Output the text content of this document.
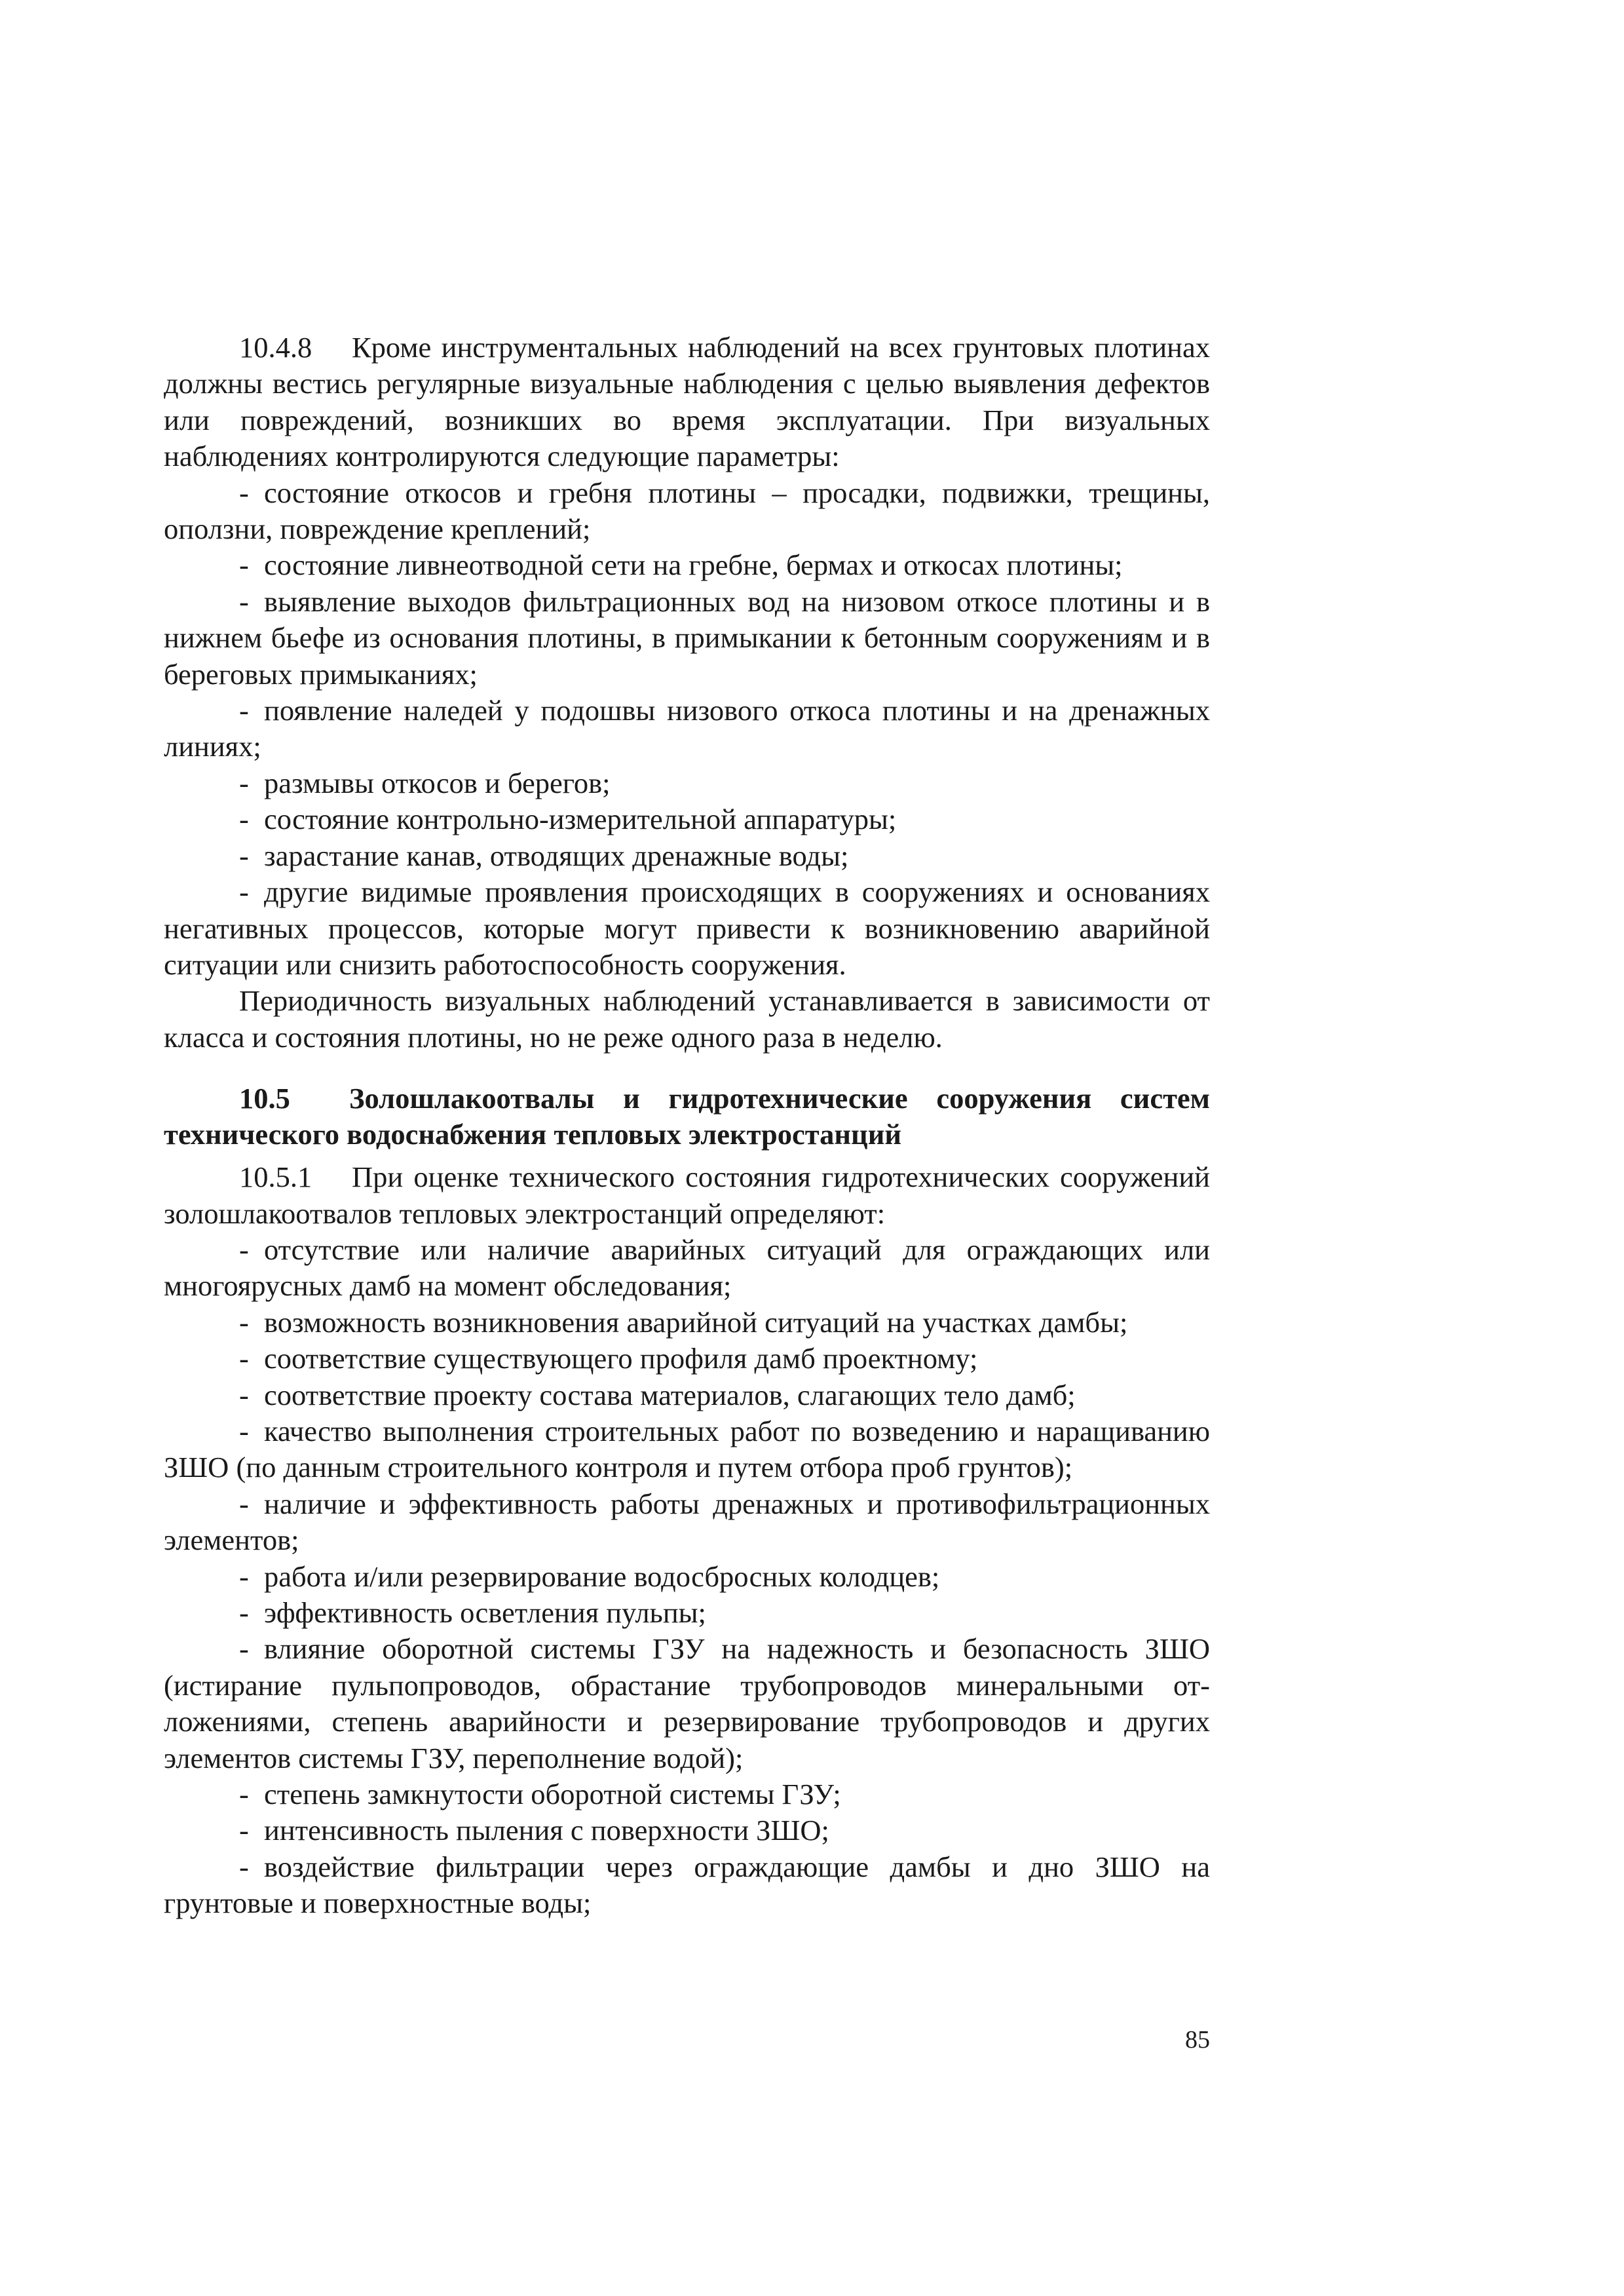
10.4.8 Кроме инструментальных наблюдений на всех грунтовых плотинах должны вестись регулярные визуальные наблюдения с целью выявления дефектов или повреждений, возникших во время эксплуатации. При визуальных наблюдениях контролируются следующие параметры:

- состояние откосов и гребня плотины – просадки, подвижки, трещины, оползни, повреждение креплений;

- состояние ливнеотводной сети на гребне, бермах и откосах плотины;

- выявление выходов фильтрационных вод на низовом откосе плотины и в нижнем бьефе из основания плотины, в примыкании к бетонным сооружениям и в береговых примыканиях;

- появление наледей у подошвы низового откоса плотины и на дренажных линиях;

- размывы откосов и берегов;

- состояние контрольно-измерительной аппаратуры;

- зарастание канав, отводящих дренажные воды;

- другие видимые проявления происходящих в сооружениях и основаниях негативных процессов, которые могут привести к возникновению аварийной ситуации или снизить работоспособность сооружения.

Периодичность визуальных наблюдений устанавливается в зависимости от класса и состояния плотины, но не реже одного раза в неделю.

10.5 Золошлакоотвалы и гидротехнические сооружения систем технического водоснабжения тепловых электростанций

10.5.1 При оценке технического состояния гидротехнических сооружений золошлакоотвалов тепловых электростанций определяют:

- отсутствие или наличие аварийных ситуаций для ограждающих или многоярусных дамб на момент обследования;

- возможность возникновения аварийной ситуаций на участках дамбы;

- соответствие существующего профиля дамб проектному;

- соответствие проекту состава материалов, слагающих тело дамб;

- качество выполнения строительных работ по возведению и наращиванию ЗШО (по данным строительного контроля и путем отбора проб грунтов);

- наличие и эффективность работы дренажных и противофильтрационных элементов;

- работа и/или резервирование водосбросных колодцев;

- эффективность осветления пульпы;

- влияние оборотной системы ГЗУ на надежность и безопасность ЗШО (истирание пульпопроводов, обрастание трубопроводов минеральными отложениями, степень аварийности и резервирование трубопроводов и других элементов системы ГЗУ, переполнение водой);

- степень замкнутости оборотной системы ГЗУ;

- интенсивность пыления с поверхности ЗШО;

- воздействие фильтрации через ограждающие дамбы и дно ЗШО на грунтовые и поверхностные воды;

85
